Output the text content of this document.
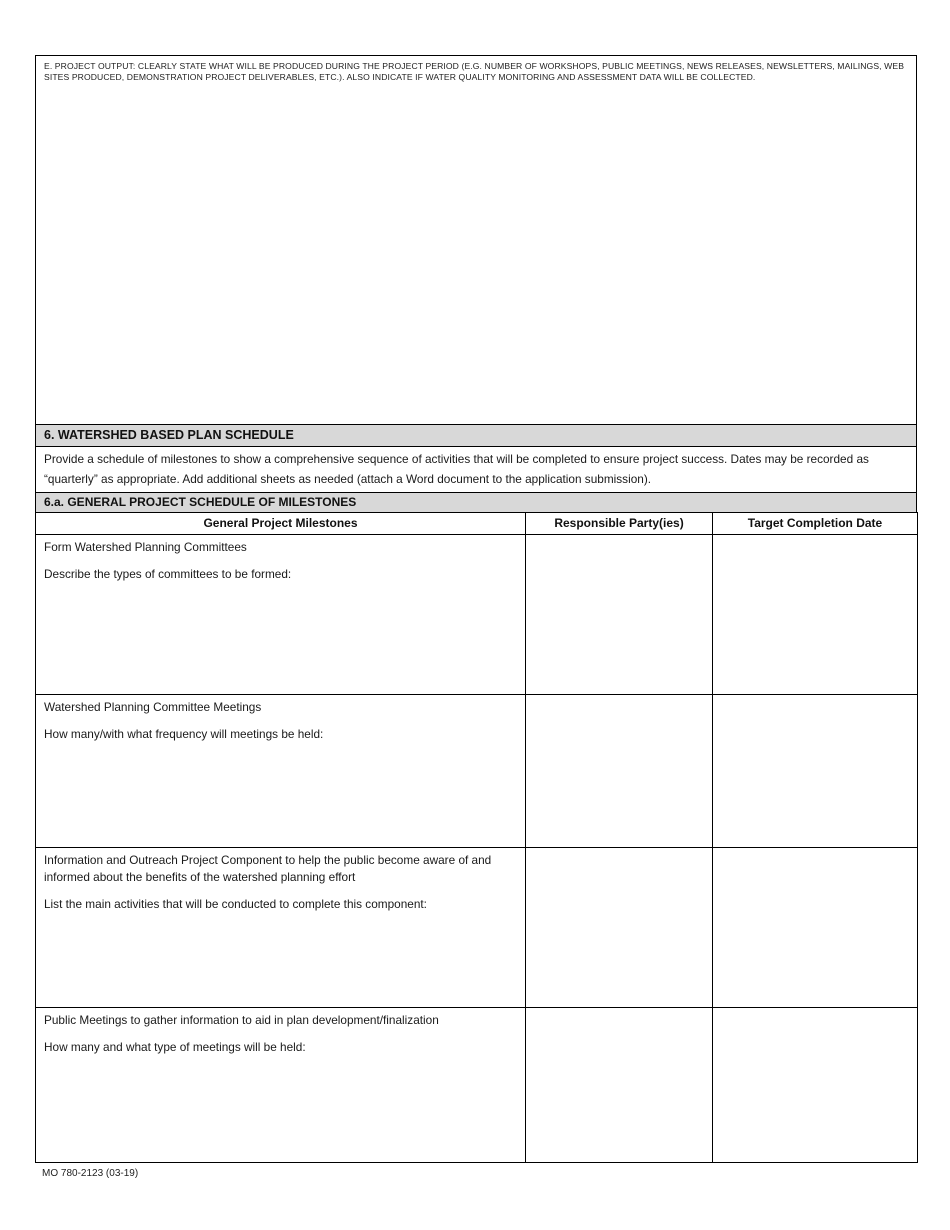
E. PROJECT OUTPUT: CLEARLY STATE WHAT WILL BE PRODUCED DURING THE PROJECT PERIOD (E.G. NUMBER OF WORKSHOPS, PUBLIC MEETINGS, NEWS RELEASES, NEWSLETTERS, MAILINGS, WEB SITES PRODUCED, DEMONSTRATION PROJECT DELIVERABLES, ETC.). ALSO INDICATE IF WATER QUALITY MONITORING AND ASSESSMENT DATA WILL BE COLLECTED.
6. WATERSHED BASED PLAN SCHEDULE
Provide a schedule of milestones to show a comprehensive sequence of activities that will be completed to ensure project success. Dates may be recorded as “quarterly” as appropriate. Add additional sheets as needed (attach a Word document to the application submission).
6.a. GENERAL PROJECT SCHEDULE OF MILESTONES
General Project Milestones	Responsible Party(ies)	Target Completion Date

Form Watershed Planning Committees

Describe the types of committees to be formed:		

Watershed Planning Committee Meetings

How many/with what frequency will meetings be held:		

Information and Outreach Project Component to help the public become aware of and informed about the benefits of the watershed planning effort

List the main activities that will be conducted to complete this component:		

Public Meetings to gather information to aid in plan development/finalization

How many and what type of meetings will be held:		

MO 780-2123 (03-19)
